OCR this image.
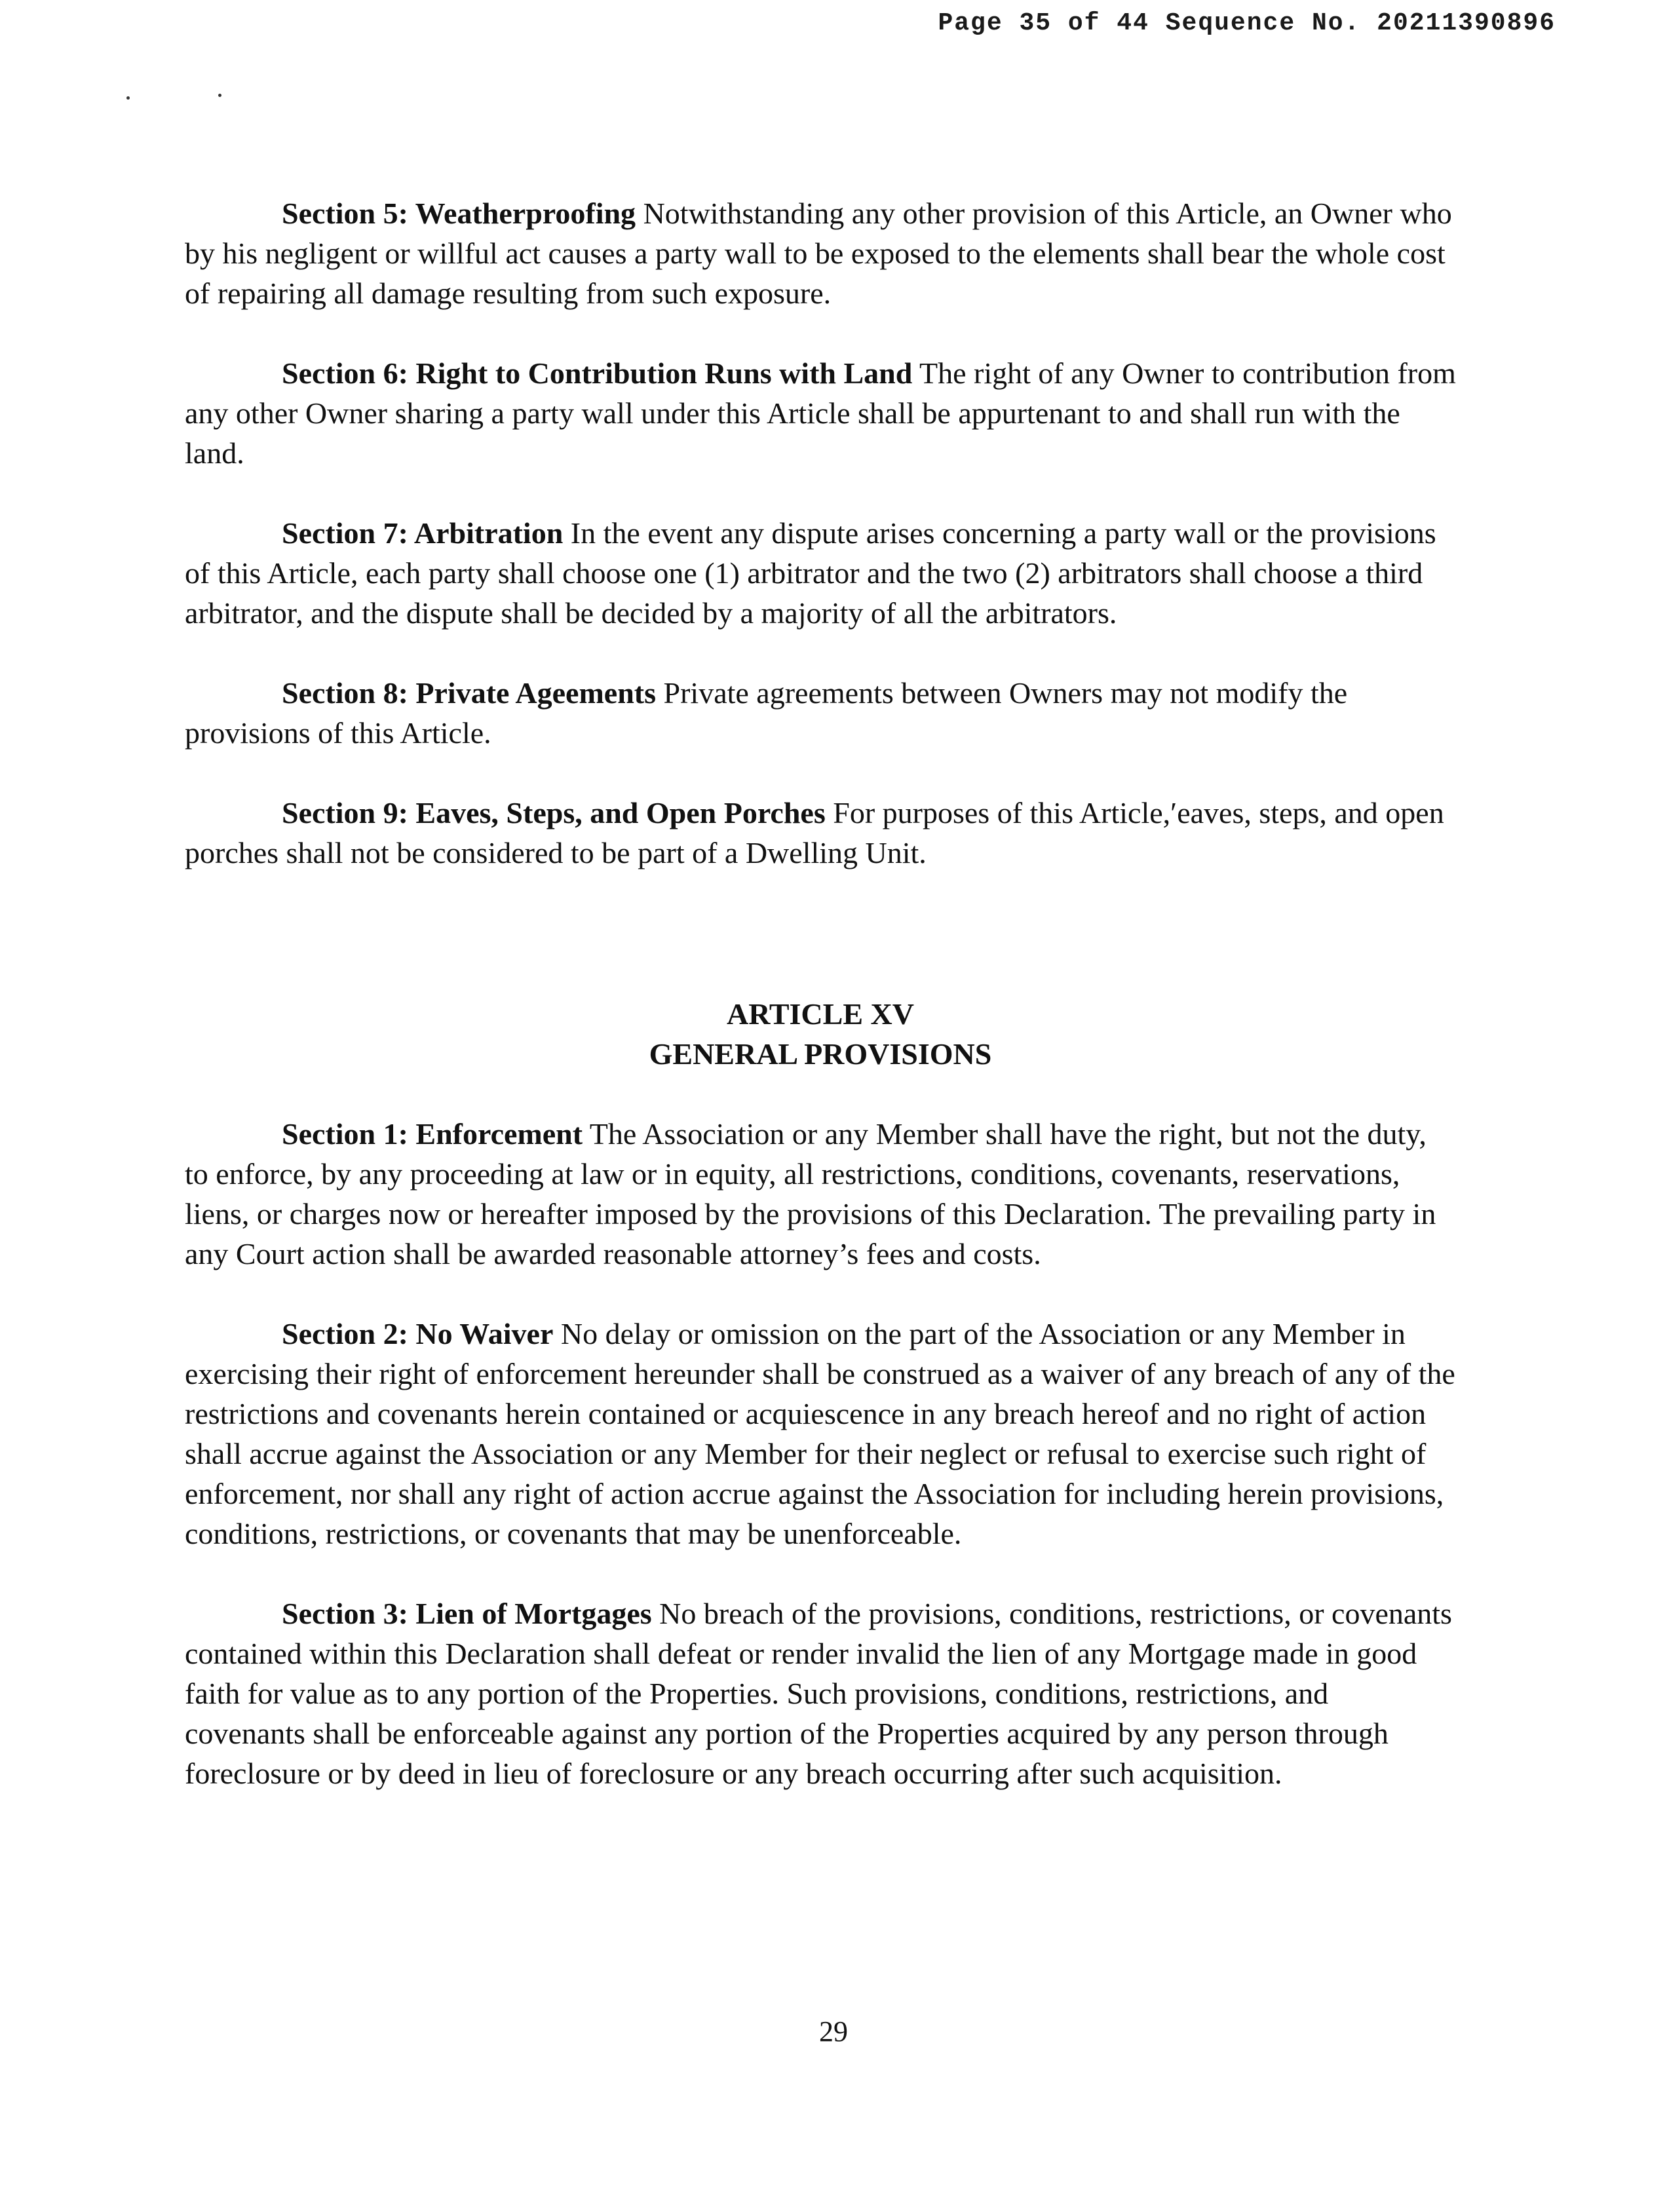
Page 35 of 44 Sequence No. 20211390896

Section 5: Weatherproofing Notwithstanding any other provision of this Article, an Owner who by his negligent or willful act causes a party wall to be exposed to the elements shall bear the whole cost of repairing all damage resulting from such exposure.

Section 6: Right to Contribution Runs with Land The right of any Owner to contribution from any other Owner sharing a party wall under this Article shall be appurtenant to and shall run with the land.

Section 7: Arbitration In the event any dispute arises concerning a party wall or the provisions of this Article, each party shall choose one (1) arbitrator and the two (2) arbitrators shall choose a third arbitrator, and the dispute shall be decided by a majority of all the arbitrators.

Section 8: Private Ageements Private agreements between Owners may not modify the provisions of this Article.

Section 9: Eaves, Steps, and Open Porches For purposes of this Article,′eaves, steps, and open porches shall not be considered to be part of a Dwelling Unit.

ARTICLE XV
GENERAL PROVISIONS

Section 1: Enforcement The Association or any Member shall have the right, but not the duty, to enforce, by any proceeding at law or in equity, all restrictions, conditions, covenants, reservations, liens, or charges now or hereafter imposed by the provisions of this Declaration. The prevailing party in any Court action shall be awarded reasonable attorney’s fees and costs.

Section 2: No Waiver No delay or omission on the part of the Association or any Member in exercising their right of enforcement hereunder shall be construed as a waiver of any breach of any of the restrictions and covenants herein contained or acquiescence in any breach hereof and no right of action shall accrue against the Association or any Member for their neglect or refusal to exercise such right of enforcement, nor shall any right of action accrue against the Association for including herein provisions, conditions, restrictions, or covenants that may be unenforceable.

Section 3: Lien of Mortgages No breach of the provisions, conditions, restrictions, or covenants contained within this Declaration shall defeat or render invalid the lien of any Mortgage made in good faith for value as to any portion of the Properties. Such provisions, conditions, restrictions, and covenants shall be enforceable against any portion of the Properties acquired by any person through foreclosure or by deed in lieu of foreclosure or any breach occurring after such acquisition.

29
